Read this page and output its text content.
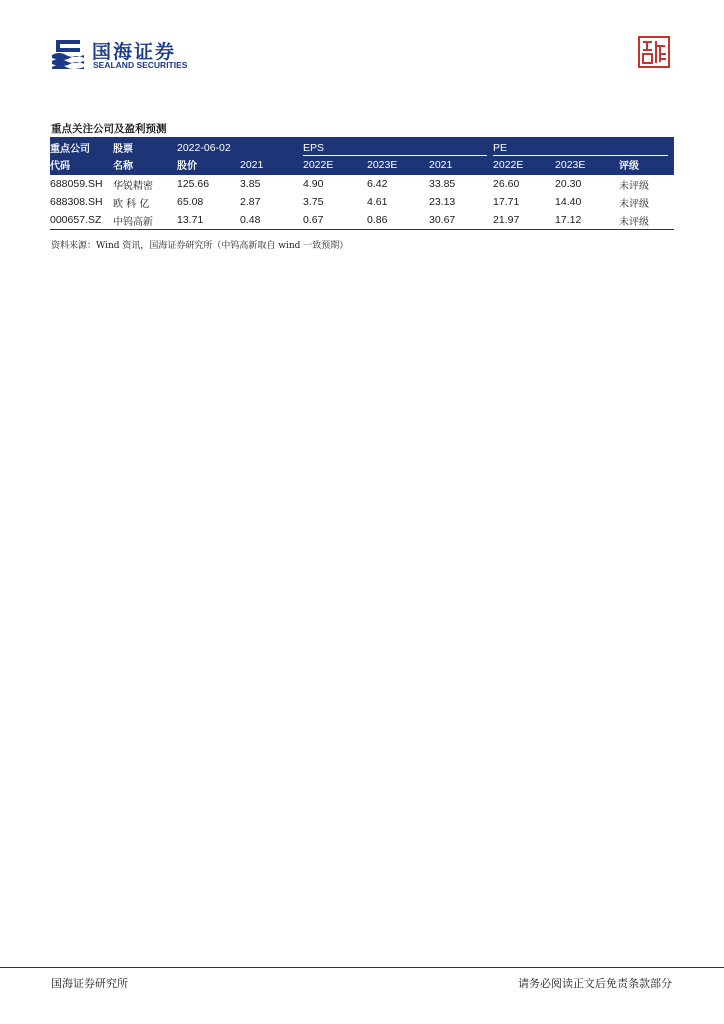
国海证券
SEALAND SECURITIES
重点关注公司及盈利预测
重点公司	股票	2022-06-02		EPS			PE			投资
代码	名称	股价	2021	2022E	2023E	2021	2022E	2023E	评级	
688059.SH	华锐精密	125.66	3.85	4.90	6.42	33.85	26.60	20.30	未评级	
688308.SH	欧 科 亿	65.08	2.87	3.75	4.61	23.13	17.71	14.40	未评级	
000657.SZ	中钨高新	13.71	0.48	0.67	0.86	30.67	21.97	17.12	未评级	
资料来源：Wind 资讯，国海证券研究所（中钨高新取自 wind 一致预期）
国海证券研究所	请务必阅读正文后免责条款部分
